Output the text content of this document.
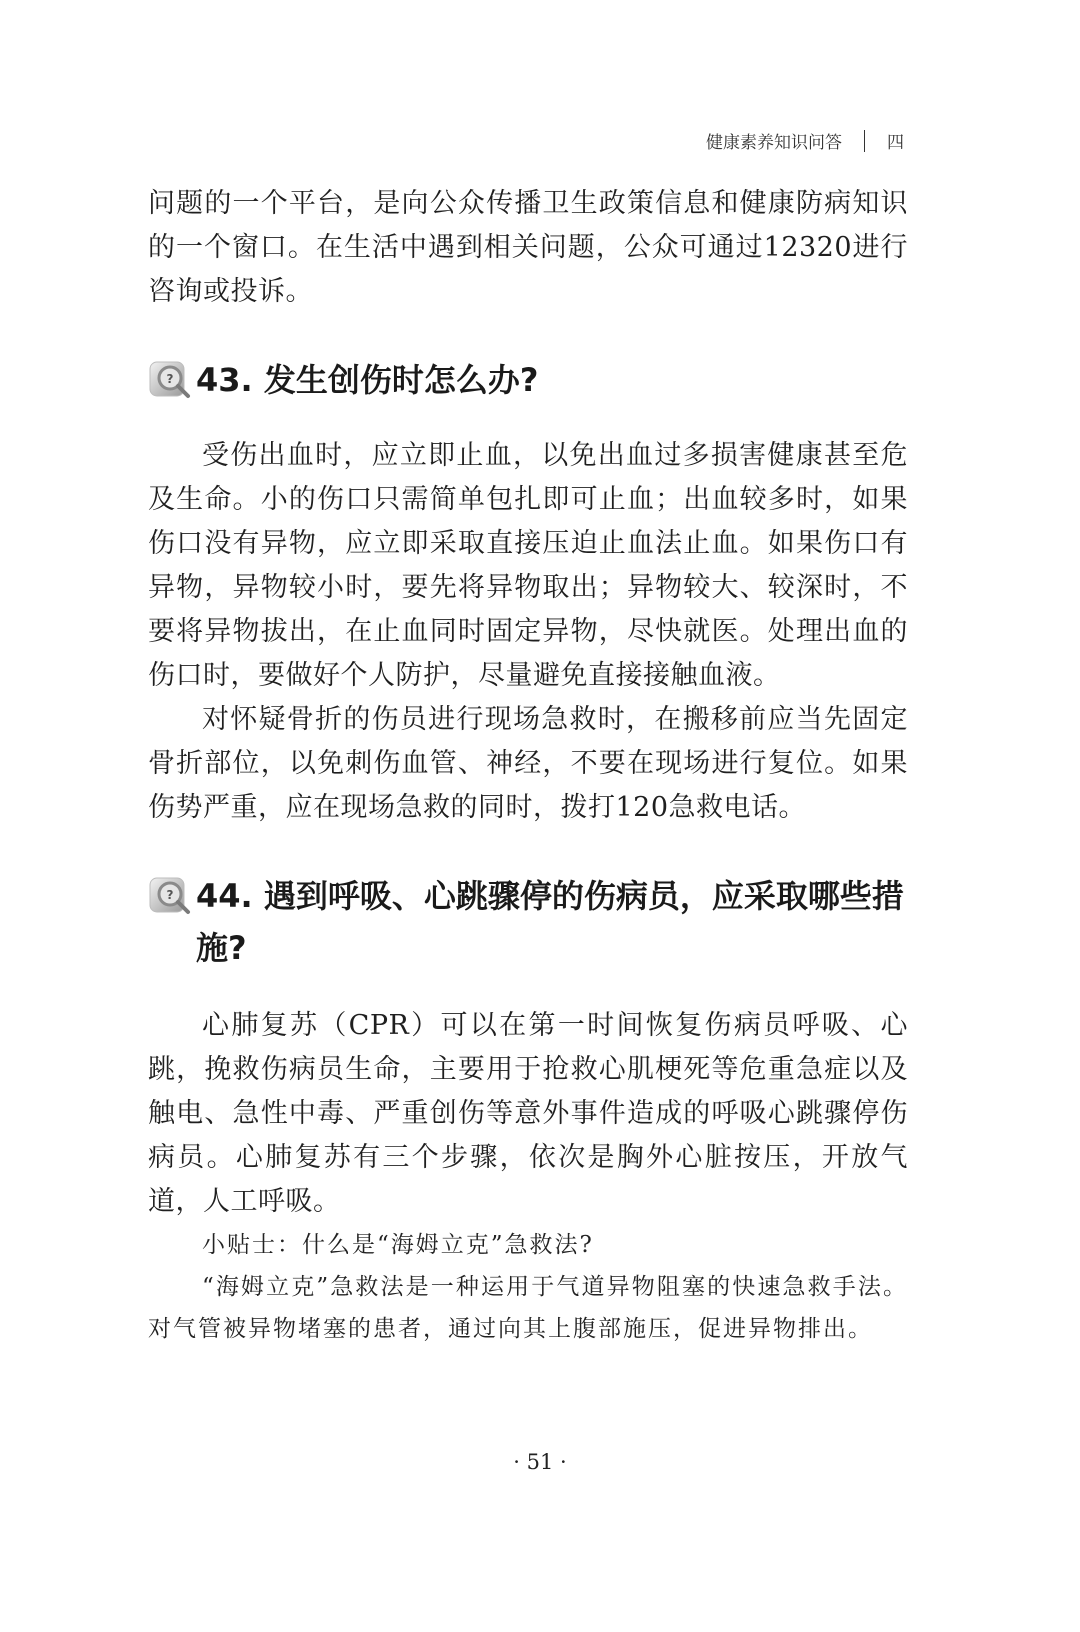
健康素养知识问答	四

问题的一个平台，是向公众传播卫生政策信息和健康防病知识的一个窗口。在生活中遇到相关问题，公众可通过12320进行咨询或投诉。

? 43. 发生创伤时怎么办?

受伤出血时，应立即止血，以免出血过多损害健康甚至危及生命。小的伤口只需简单包扎即可止血；出血较多时，如果伤口没有异物，应立即采取直接压迫止血法止血。如果伤口有异物，异物较小时，要先将异物取出；异物较大、较深时，不要将异物拔出，在止血同时固定异物，尽快就医。处理出血的伤口时，要做好个人防护，尽量避免直接接触血液。

对怀疑骨折的伤员进行现场急救时，在搬移前应当先固定骨折部位，以免刺伤血管、神经，不要在现场进行复位。如果伤势严重，应在现场急救的同时，拨打120急救电话。

? 44. 遇到呼吸、心跳骤停的伤病员，应采取哪些措施?

心肺复苏（CPR）可以在第一时间恢复伤病员呼吸、心跳，挽救伤病员生命，主要用于抢救心肌梗死等危重急症以及触电、急性中毒、严重创伤等意外事件造成的呼吸心跳骤停伤病员。心肺复苏有三个步骤，依次是胸外心脏按压，开放气道，人工呼吸。

小贴士：什么是“海姆立克”急救法?

“海姆立克”急救法是一种运用于气道异物阻塞的快速急救手法。对气管被异物堵塞的患者，通过向其上腹部施压，促进异物排出。

· 51 ·
